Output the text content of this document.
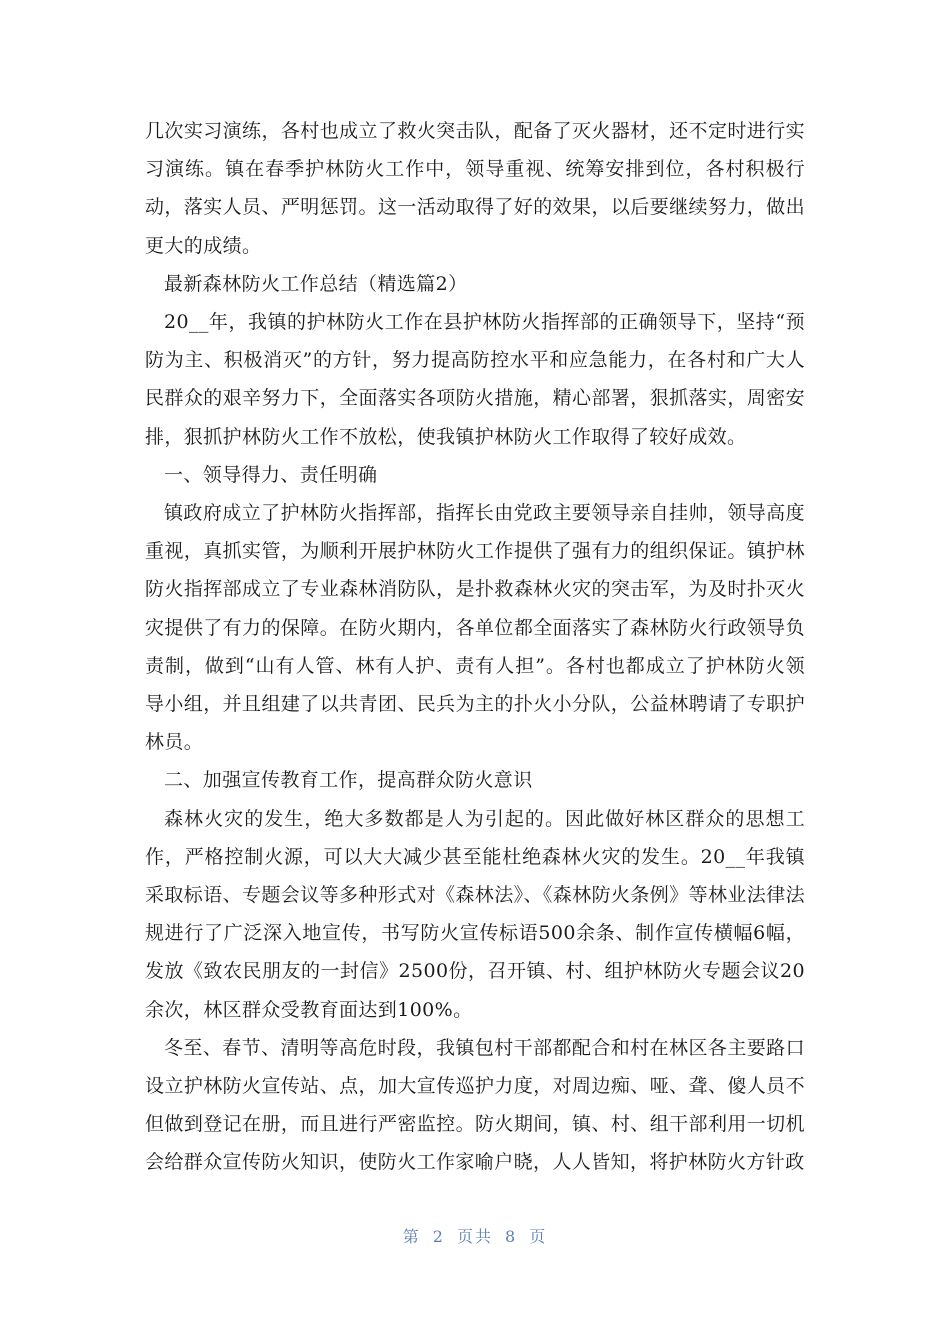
几次实习演练，各村也成立了救火突击队，配备了灭火器材，还不定时进行实习演练。镇在春季护林防火工作中，领导重视、统筹安排到位，各村积极行动，落实人员、严明惩罚。这一活动取得了好的效果，以后要继续努力，做出更大的成绩。

最新森林防火工作总结（精选篇2）

20__年，我镇的护林防火工作在县护林防火指挥部的正确领导下，坚持“预防为主、积极消灭”的方针，努力提高防控水平和应急能力，在各村和广大人民群众的艰辛努力下，全面落实各项防火措施，精心部署，狠抓落实，周密安排，狠抓护林防火工作不放松，使我镇护林防火工作取得了较好成效。

一、领导得力、责任明确

镇政府成立了护林防火指挥部，指挥长由党政主要领导亲自挂帅，领导高度重视，真抓实管，为顺利开展护林防火工作提供了强有力的组织保证。镇护林防火指挥部成立了专业森林消防队，是扑救森林火灾的突击军，为及时扑灭火灾提供了有力的保障。在防火期内，各单位都全面落实了森林防火行政领导负责制，做到“山有人管、林有人护、责有人担”。各村也都成立了护林防火领导小组，并且组建了以共青团、民兵为主的扑火小分队，公益林聘请了专职护林员。

二、加强宣传教育工作，提高群众防火意识

森林火灾的发生，绝大多数都是人为引起的。因此做好林区群众的思想工作，严格控制火源，可以大大减少甚至能杜绝森林火灾的发生。20__年我镇采取标语、专题会议等多种形式对《森林法》、《森林防火条例》等林业法律法规进行了广泛深入地宣传，书写防火宣传标语500余条、制作宣传横幅6幅，发放《致农民朋友的一封信》2500份，召开镇、村、组护林防火专题会议20余次，林区群众受教育面达到100%。

冬至、春节、清明等高危时段，我镇包村干部都配合和村在林区各主要路口设立护林防火宣传站、点，加大宣传巡护力度，对周边痴、哑、聋、傻人员不但做到登记在册，而且进行严密监控。防火期间，镇、村、组干部利用一切机会给群众宣传防火知识，使防火工作家喻户晓，人人皆知，将护林防火方针政

第 2 页共 8 页
